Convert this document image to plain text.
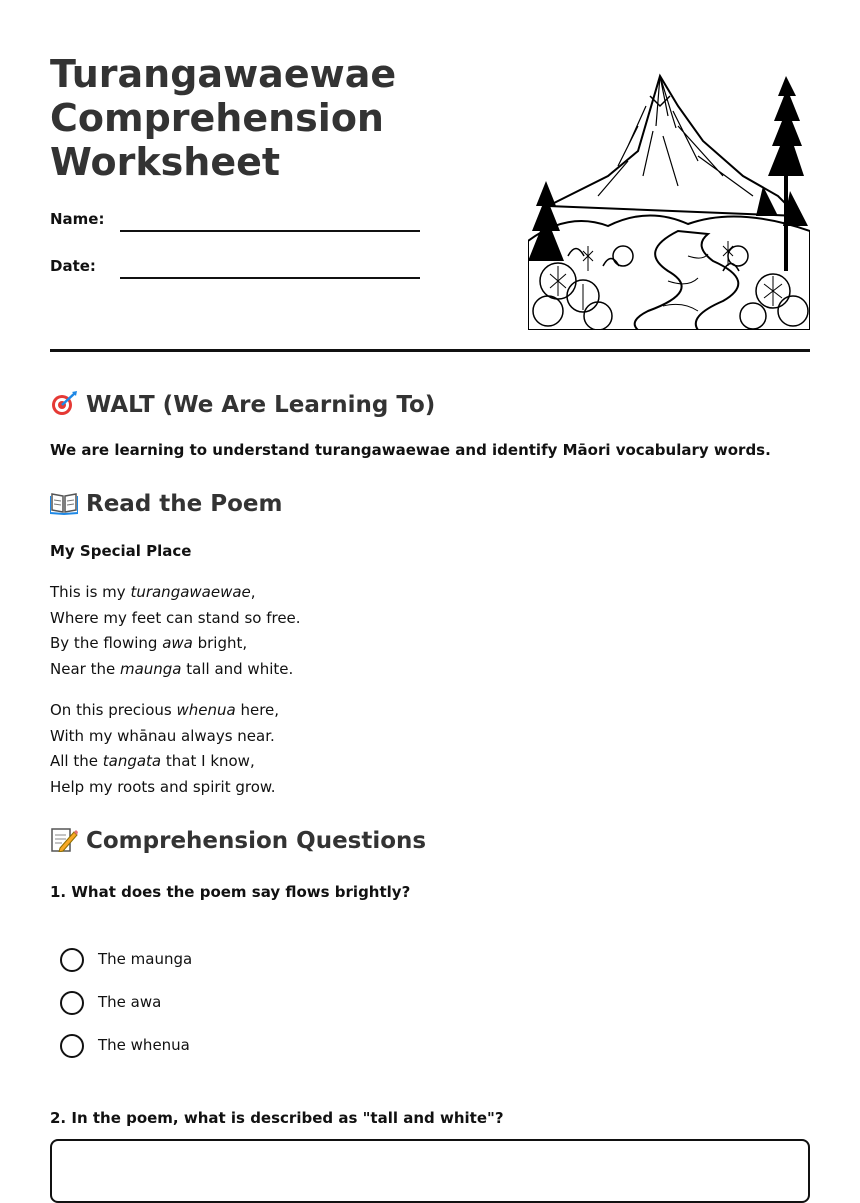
Turangawaewae
Comprehension
Worksheet
Name:
Date:
WALT (We Are Learning To)
We are learning to understand turangawaewae and identify Māori vocabulary words.
Read the Poem
My Special Place
This is my turangawaewae,
Where my feet can stand so free.
By the flowing awa bright,
Near the maunga tall and white.
On this precious whenua here,
With my whānau always near.
All the tangata that I know,
Help my roots and spirit grow.
Comprehension Questions
1. What does the poem say flows brightly?
The maunga
The awa
The whenua
2. In the poem, what is described as "tall and white"?
